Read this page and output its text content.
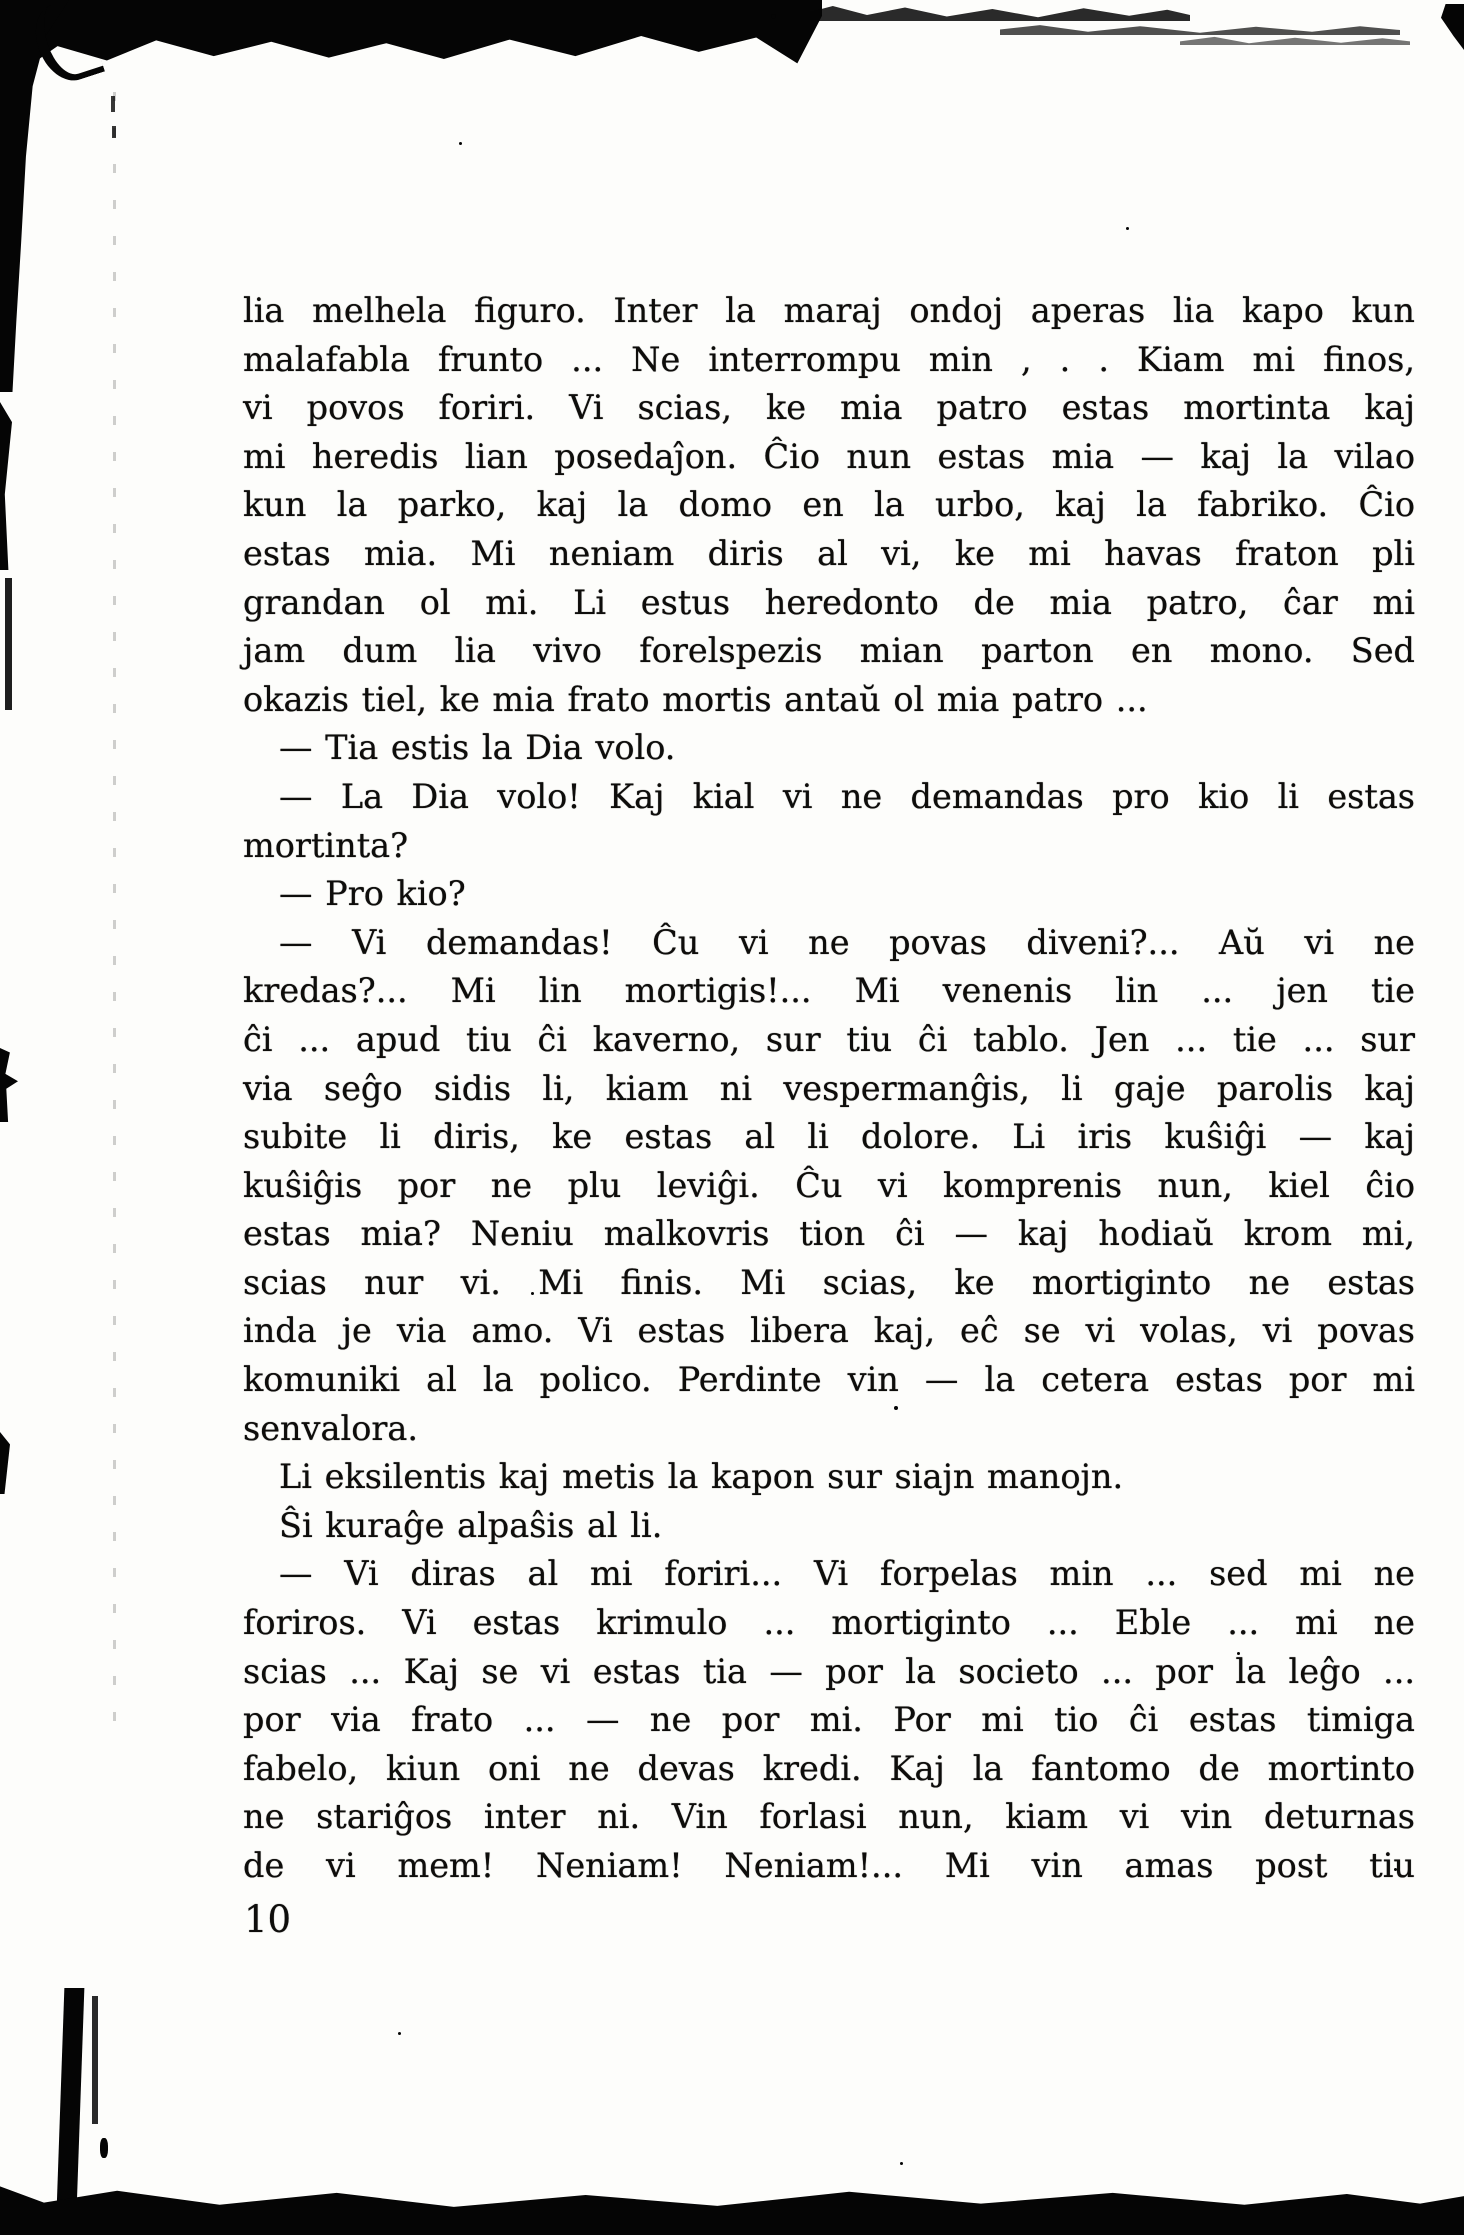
lia melhela figuro. Inter la maraj ondoj aperas lia kapo kun
malafabla frunto ... Ne interrompu min , . . Kiam mi finos,
vi povos foriri. Vi scias, ke mia patro estas mortinta kaj
mi heredis lian posedaĵon. Ĉio nun estas mia — kaj la vilao
kun la parko, kaj la domo en la urbo, kaj la fabriko. Ĉio
estas mia. Mi neniam diris al vi, ke mi havas fraton pli
grandan ol mi. Li estus heredonto de mia patro, ĉar mi
jam dum lia vivo forelspezis mian parton en mono. Sed
okazis tiel, ke mia frato mortis antaŭ ol mia patro ...
— Tia estis la Dia volo.
— La Dia volo! Kaj kial vi ne demandas pro kio li estas
mortinta?
— Pro kio?
— Vi demandas! Ĉu vi ne povas diveni?... Aŭ vi ne
kredas?... Mi lin mortigis!... Mi venenis lin ... jen tie
ĉi ... apud tiu ĉi kaverno, sur tiu ĉi tablo. Jen ... tie ... sur
via seĝo sidis li, kiam ni vespermanĝis, li gaje parolis kaj
subite li diris, ke estas al li dolore. Li iris kuŝiĝi — kaj
kuŝiĝis por ne plu leviĝi. Ĉu vi komprenis nun, kiel ĉio
estas mia? Neniu malkovris tion ĉi — kaj hodiaŭ krom mi,
scias nur vi. Mi finis. Mi scias, ke mortiginto ne estas
inda je via amo. Vi estas libera kaj, eĉ se vi volas, vi povas
komuniki al la polico. Perdinte vin — la cetera estas por mi
senvalora.
Li eksilentis kaj metis la kapon sur siajn manojn.
Ŝi kuraĝe alpaŝis al li.
— Vi diras al mi foriri... Vi forpelas min ... sed mi ne
foriros. Vi estas krimulo ... mortiginto ... Eble ... mi ne
scias ... Kaj se vi estas tia — por la societo ... por la leĝo ...
por via frato ... — ne por mi. Por mi tio ĉi estas timiga
fabelo, kiun oni ne devas kredi. Kaj la fantomo de mortinto
ne stariĝos inter ni. Vin forlasi nun, kiam vi vin deturnas
de vi mem! Neniam! Neniam!... Mi vin amas post tiu
10
